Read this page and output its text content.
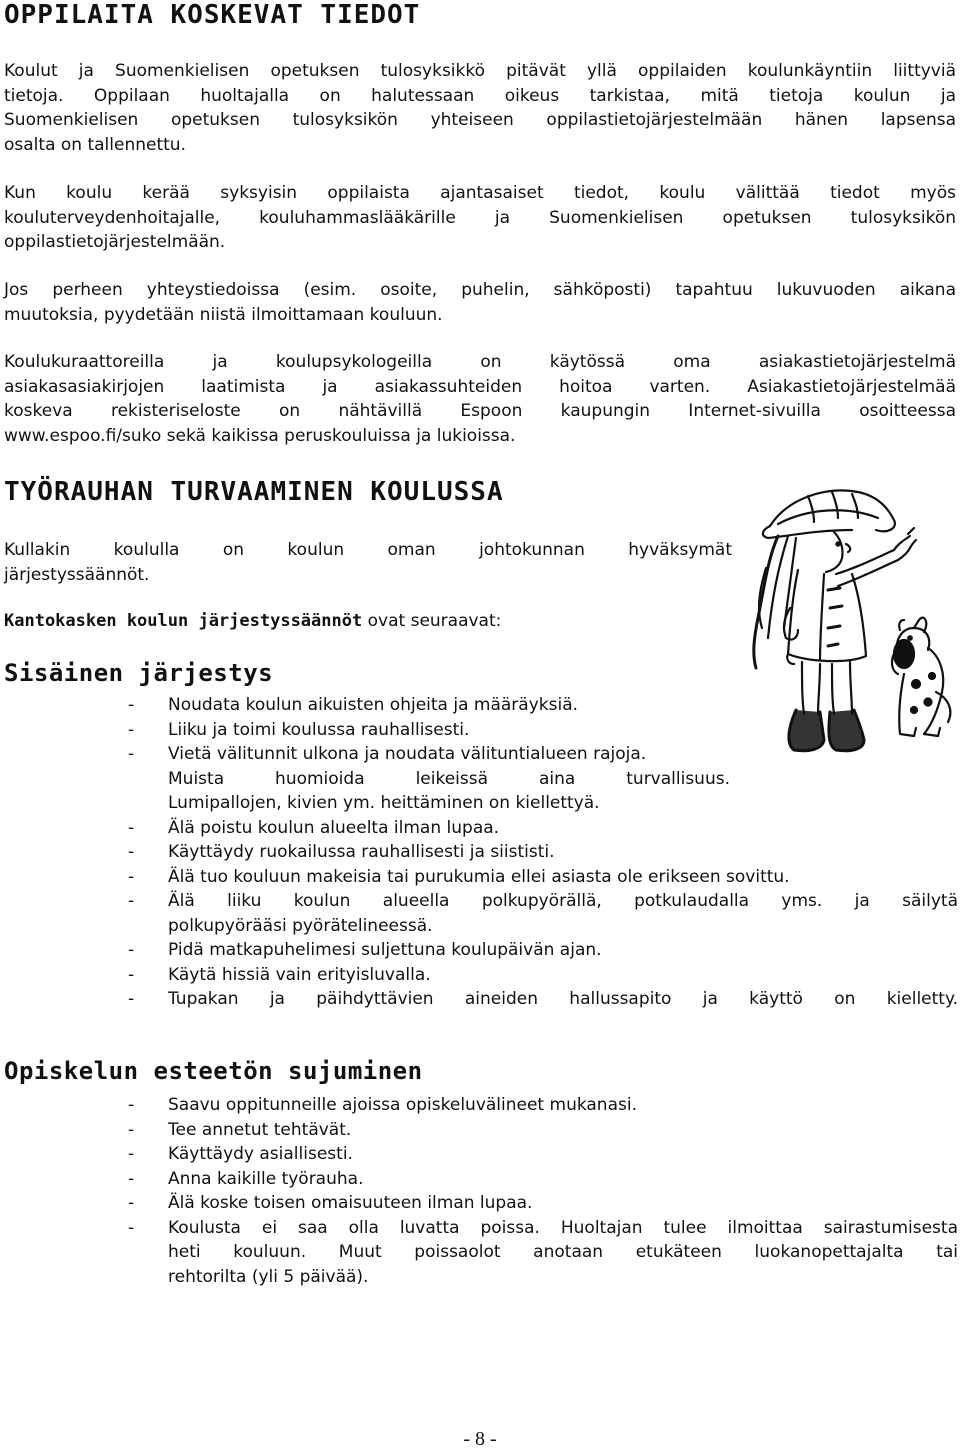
OPPILAITA KOSKEVAT TIEDOT

Koulut ja Suomenkielisen opetuksen tulosyksikkö pitävät yllä oppilaiden koulunkäyntiin liittyviä
tietoja. Oppilaan huoltajalla on halutessaan oikeus tarkistaa, mitä tietoja koulun ja
Suomenkielisen opetuksen tulosyksikön yhteiseen oppilastietojärjestelmään hänen lapsensa
osalta on tallennettu.

Kun koulu kerää syksyisin oppilaista ajantasaiset tiedot, koulu välittää tiedot myös
kouluterveydenhoitajalle, kouluhammaslääkärille ja Suomenkielisen opetuksen tulosyksikön
oppilastietojärjestelmään.

Jos perheen yhteystiedoissa (esim. osoite, puhelin, sähköposti) tapahtuu lukuvuoden aikana
muutoksia, pyydetään niistä ilmoittamaan kouluun.

Koulukuraattoreilla ja koulupsykologeilla on käytössä oma asiakastietojärjestelmä
asiakasasiakirjojen laatimista ja asiakassuhteiden hoitoa varten. Asiakastietojärjestelmää
koskeva rekisteriseloste on nähtävillä Espoon kaupungin Internet-sivuilla osoitteessa
www.espoo.fi/suko sekä kaikissa peruskouluissa ja lukioissa.

TYÖRAUHAN TURVAAMINEN KOULUSSA

Kullakin koululla on koulun oman johtokunnan hyväksymät
järjestyssäännöt.

Kantokasken koulun järjestyssäännöt ovat seuraavat:

Sisäinen järjestys
- Noudata koulun aikuisten ohjeita ja määräyksiä.
- Liiku ja toimi koulussa rauhallisesti.
- Vietä välitunnit ulkona ja noudata välituntialueen rajoja.
Muista huomioida leikeissä aina turvallisuus.
Lumipallojen, kivien ym. heittäminen on kiellettyä.
- Älä poistu koulun alueelta ilman lupaa.
- Käyttäydy ruokailussa rauhallisesti ja siististi.
- Älä tuo kouluun makeisia tai purukumia ellei asiasta ole erikseen sovittu.
- Älä liiku koulun alueella polkupyörällä, potkulaudalla yms. ja säilytä
polkupyörääsi pyörätelineessä.
- Pidä matkapuhelimesi suljettuna koulupäivän ajan.
- Käytä hissiä vain erityisluvalla.
- Tupakan ja päihdyttävien aineiden hallussapito ja käyttö on kielletty.
Opiskelun esteetön sujuminen
- Saavu oppitunneille ajoissa opiskeluvälineet mukanasi.
- Tee annetut tehtävät.
- Käyttäydy asiallisesti.
- Anna kaikille työrauha.
- Älä koske toisen omaisuuteen ilman lupaa.
- Koulusta ei saa olla luvatta poissa. Huoltajan tulee ilmoittaa sairastumisesta
heti kouluun. Muut poissaolot anotaan etukäteen luokanopettajalta tai
rehtorilta (yli 5 päivää).
- 8 -
